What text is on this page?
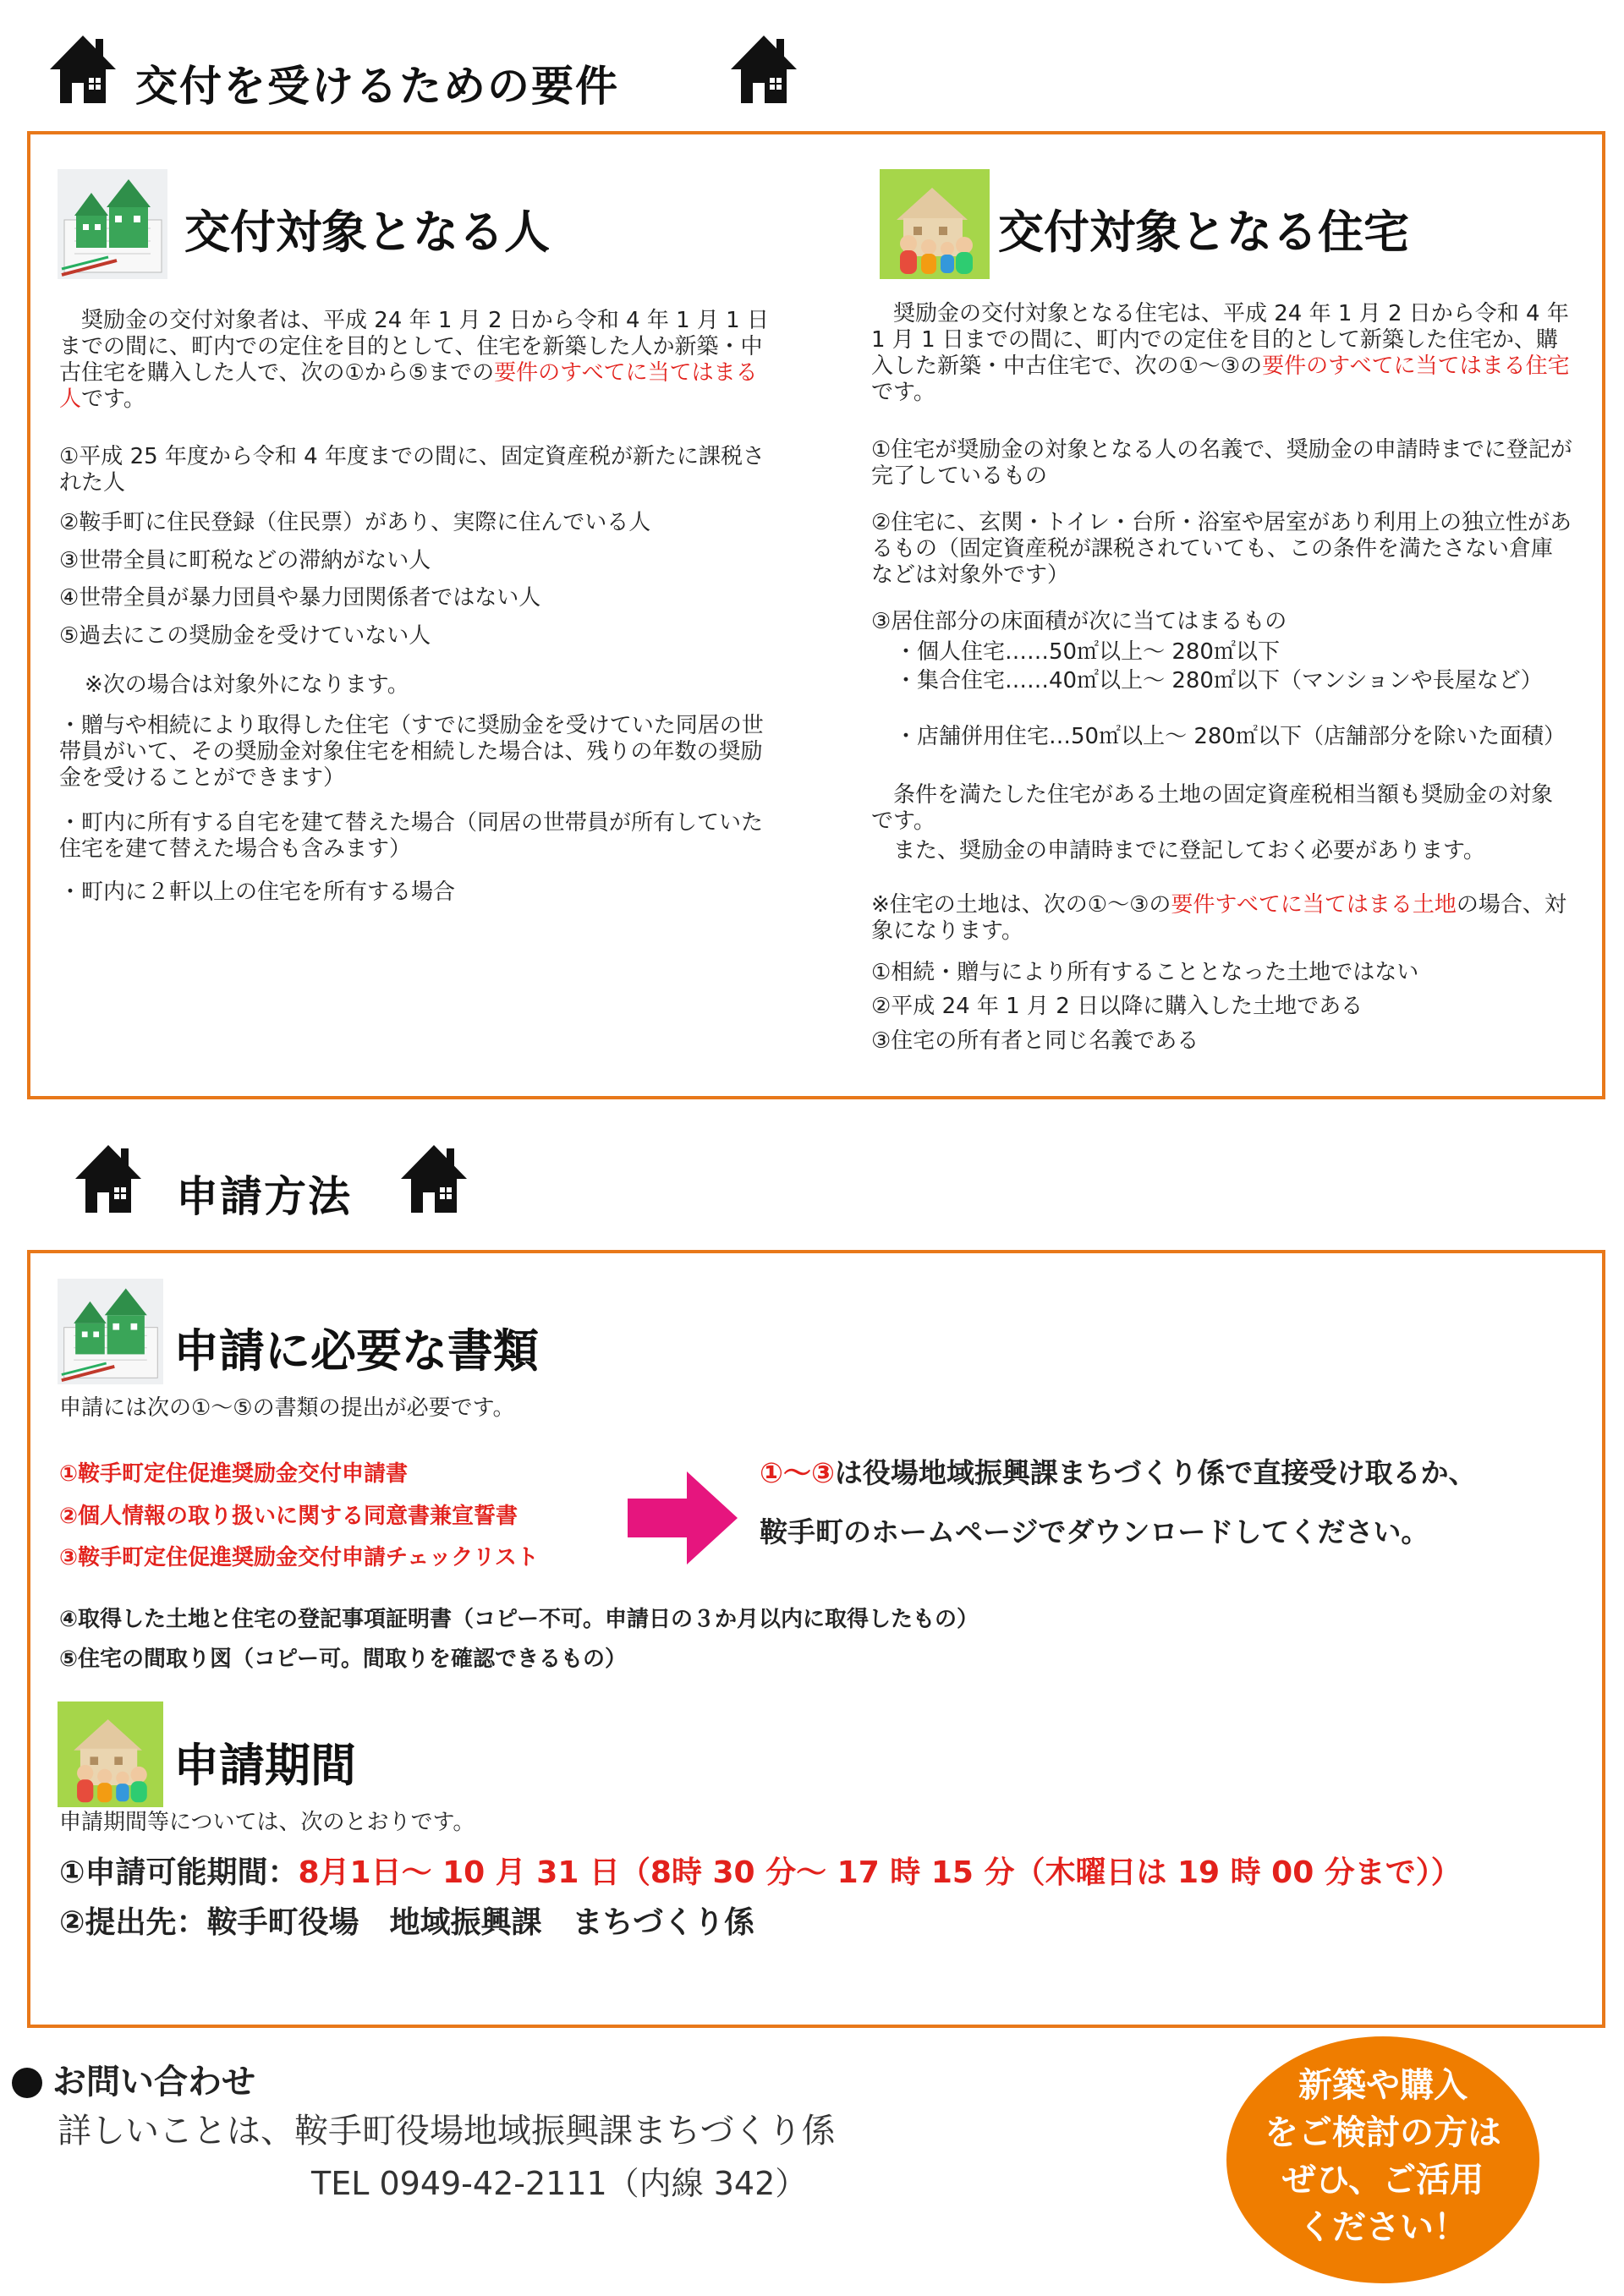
交付を受けるための要件
交付対象となる人
　奨励金の交付対象者は、平成 24 年 1 月 2 日から令和 4 年 1 月 1 日までの間に、町内での定住を目的として、住宅を新築した人か新築・中古住宅を購入した人で、次の①から⑤までの要件のすべてに当てはまる人です。
①平成 25 年度から令和 4 年度までの間に、固定資産税が新たに課税された人
②鞍手町に住民登録（住民票）があり、実際に住んでいる人
③世帯全員に町税などの滞納がない人
④世帯全員が暴力団員や暴力団関係者ではない人
⑤過去にこの奨励金を受けていない人
※次の場合は対象外になります。
・贈与や相続により取得した住宅（すでに奨励金を受けていた同居の世帯員がいて、その奨励金対象住宅を相続した場合は、残りの年数の奨励金を受けることができます）
・町内に所有する自宅を建て替えた場合（同居の世帯員が所有していた住宅を建て替えた場合も含みます）
・町内に２軒以上の住宅を所有する場合
交付対象となる住宅
　奨励金の交付対象となる住宅は、平成 24 年 1 月 2 日から令和 4 年 1 月 1 日までの間に、町内での定住を目的として新築した住宅か、購入した新築・中古住宅で、次の①～③の要件のすべてに当てはまる住宅です。
①住宅が奨励金の対象となる人の名義で、奨励金の申請時までに登記が完了しているもの
②住宅に、玄関・トイレ・台所・浴室や居室があり利用上の独立性があるもの（固定資産税が課税されていても、この条件を満たさない倉庫などは対象外です）
③居住部分の床面積が次に当てはまるもの
・個人住宅……50㎡以上～ 280㎡以下
・集合住宅……40㎡以上～ 280㎡以下（マンションや長屋など）
・店舗併用住宅…50㎡以上～ 280㎡以下（店舗部分を除いた面積）
　条件を満たした住宅がある土地の固定資産税相当額も奨励金の対象です。
　また、奨励金の申請時までに登記しておく必要があります。
※住宅の土地は、次の①～③の要件すべてに当てはまる土地の場合、対象になります。
①相続・贈与により所有することとなった土地ではない
②平成 24 年 1 月 2 日以降に購入した土地である
③住宅の所有者と同じ名義である
申請方法
申請に必要な書類
申請には次の①～⑤の書類の提出が必要です。
①鞍手町定住促進奨励金交付申請書
②個人情報の取り扱いに関する同意書兼宣誓書
③鞍手町定住促進奨励金交付申請チェックリスト
①～③は役場地域振興課まちづくり係で直接受け取るか、
鞍手町のホームページでダウンロードしてください。
④取得した土地と住宅の登記事項証明書（コピー不可。申請日の３か月以内に取得したもの）
⑤住宅の間取り図（コピー可。間取りを確認できるもの）
申請期間
申請期間等については、次のとおりです。
①申請可能期間：8月1日～ 10 月 31 日（8時 30 分～ 17 時 15 分（木曜日は 19 時 00 分まで））
②提出先：鞍手町役場　地域振興課　まちづくり係
お問い合わせ
詳しいことは、鞍手町役場地域振興課まちづくり係
TEL 0949-42-2111（内線 342）
新築や購入
をご検討の方は
ぜひ、ご活用
ください！
